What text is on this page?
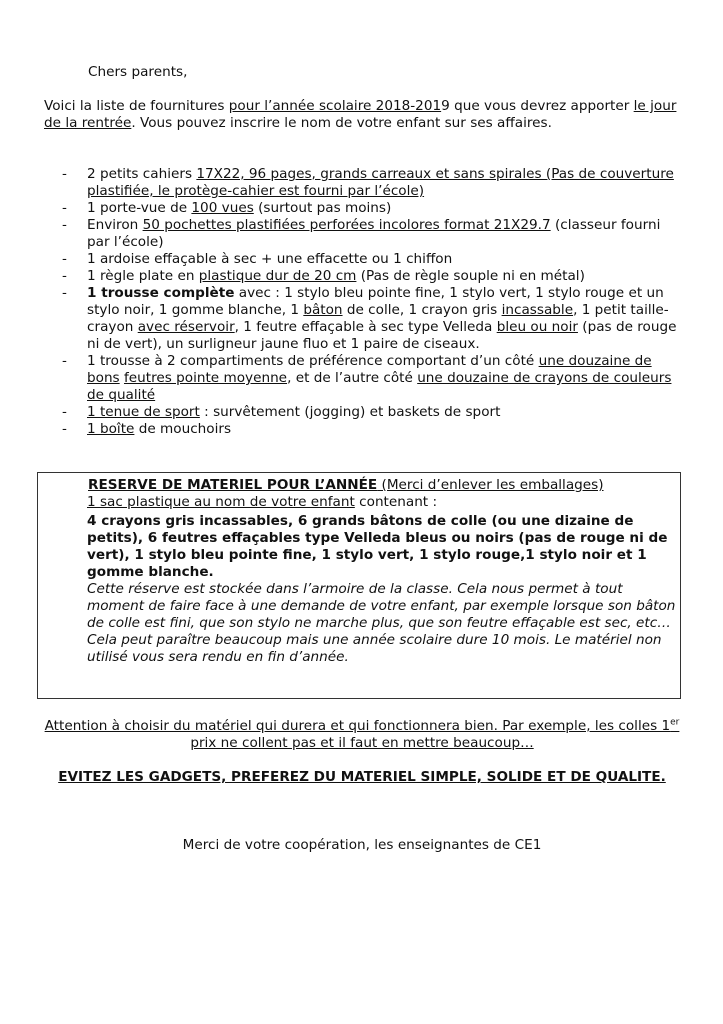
Chers parents,
Voici la liste de fournitures pour l’année scolaire 2018-2019 que vous devrez apporter le jour de la rentrée. Vous pouvez inscrire le nom de votre enfant sur ses affaires.
- 2 petits cahiers 17X22, 96 pages, grands carreaux et sans spirales (Pas de couverture plastifiée, le protège-cahier est fourni par l’école)
- 1 porte-vue de 100 vues (surtout pas moins)
- Environ 50 pochettes plastifiées perforées incolores format 21X29.7 (classeur fourni par l’école)
- 1 ardoise effaçable à sec + une effacette ou 1 chiffon
- 1 règle plate en plastique dur de 20 cm (Pas de règle souple ni en métal)
- 1 trousse complète avec : 1 stylo bleu pointe fine, 1 stylo vert, 1 stylo rouge et un stylo noir, 1 gomme blanche, 1 bâton de colle, 1 crayon gris incassable, 1 petit taille-crayon avec réservoir, 1 feutre effaçable à sec type Velleda bleu ou noir (pas de rouge ni de vert), un surligneur jaune fluo et 1 paire de ciseaux.
- 1 trousse à 2 compartiments de préférence comportant d’un côté une douzaine de bons feutres pointe moyenne, et de l’autre côté une douzaine de crayons de couleurs de qualité
- 1 tenue de sport : survêtement (jogging) et baskets de sport
- 1 boîte de mouchoirs
RESERVE DE MATERIEL POUR L’ANNÉE (Merci d’enlever les emballages)

1 sac plastique au nom de votre enfant contenant :

4 crayons gris incassables, 6 grands bâtons de colle (ou une dizaine de petits), 6 feutres effaçables type Velleda bleus ou noirs (pas de rouge ni de vert), 1 stylo bleu pointe fine, 1 stylo vert, 1 stylo rouge,1 stylo noir et 1 gomme blanche.

Cette réserve est stockée dans l’armoire de la classe. Cela nous permet à tout moment de faire face à une demande de votre enfant, par exemple lorsque son bâton de colle est fini, que son stylo ne marche plus, que son feutre effaçable est sec, etc…

Cela peut paraître beaucoup mais une année scolaire dure 10 mois. Le matériel non utilisé vous sera rendu en fin d’année.

Attention à choisir du matériel qui durera et qui fonctionnera bien. Par exemple, les colles 1er prix ne collent pas et il faut en mettre beaucoup…
EVITEZ LES GADGETS, PREFEREZ DU MATERIEL SIMPLE, SOLIDE ET DE QUALITE.
Merci de votre coopération, les enseignantes de CE1
